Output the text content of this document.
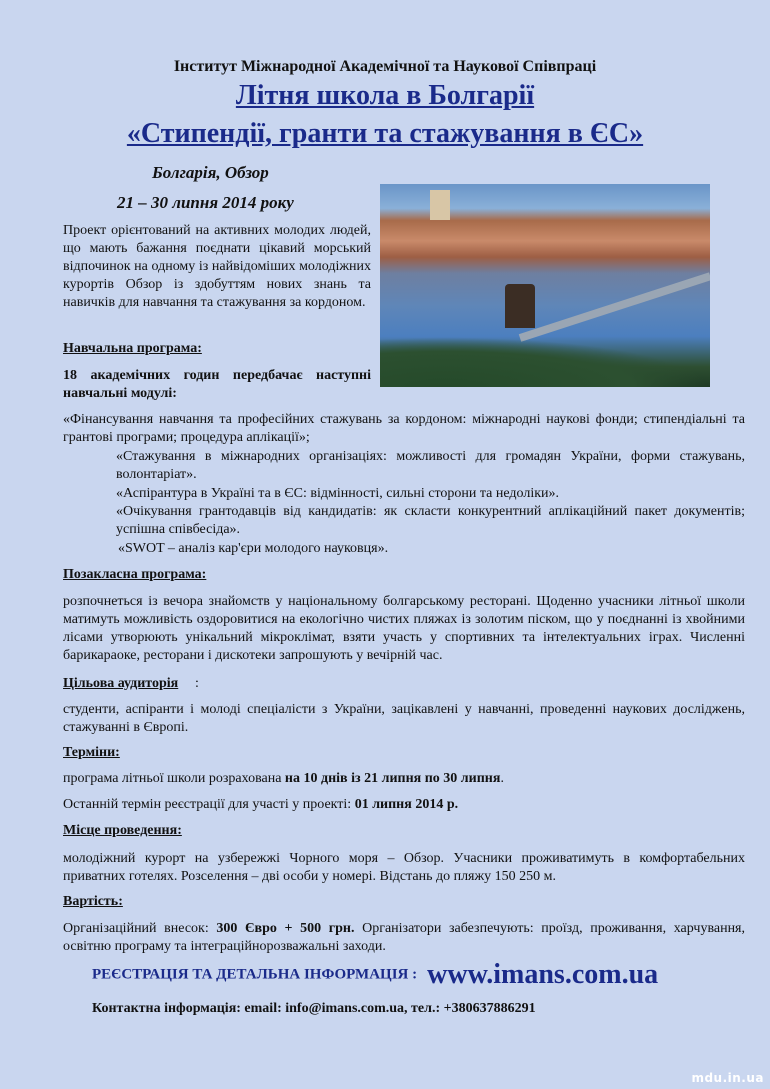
Інститут Міжнародної Академічної та Наукової Співпраці
Літня школа в Болгарії
«Стипендії, гранти та стажування в ЄС»
Болгарія, Обзор
21 – 30 липня 2014 року
Проект орієнтований на активних молодих людей, що мають бажання поєднати цікавий морський відпочинок на одному із найвідоміших молодіжних курортів Обзор із здобуттям нових знань та навичків для навчання та стажування за кордоном.
Навчальна програма:
18 академічних годин передбачає наступні навчальні модулі:
«Фінансування навчання та професійних стажувань за кордоном: міжнародні наукові фонди; стипендіальні та грантові програми; процедура аплікації»;
«Стажування в міжнародних організаціях: можливості для громадян України, форми стажувань, волонтаріат».
«Аспірантура в Україні та в ЄС: відмінності, сильні сторони та недоліки».
«Очікування грантодавців від кандидатів: як скласти конкурентний аплікаційний пакет документів; успішна співбесіда».
«SWOT – аналіз кар'єри молодого науковця».
Позакласна програма:
розпочнеться із вечора знайомств у національному болгарському ресторані. Щоденно учасники літньої школи матимуть можливість оздоровитися на екологічно чистих пляжах із золотим піском, що у поєднанні із хвойними лісами утворюють унікальний мікроклімат, взяти участь у спортивних та інтелектуальних іграх. Численні барикараоке, ресторани і дискотеки запрошують у вечірній час.
Цільова аудиторія :
студенти, аспіранти і молоді спеціалісти з України, зацікавлені у навчанні, проведенні наукових досліджень, стажуванні в Європі.
Терміни:
програма літньої школи розрахована на 10 днів із 21 липня по 30 липня.
Останній термін реєстрації для участі у проекті: 01 липня 2014 р.
Місце проведення:
молодіжний курорт на узбережжі Чорного моря – Обзор. Учасники проживатимуть в комфортабельних приватних готелях. Розселення – дві особи у номері. Відстань до пляжу 150 250 м.
Вартість:
Організаційний внесок: 300 Євро + 500 грн. Організатори забезпечують: проїзд, проживання, харчування, освітню програму та інтеграційнорозважальні заходи.
РЕЄСТРАЦІЯ ТА ДЕТАЛЬНА ІНФОРМАЦІЯ : www.imans.com.ua
Контактна інформація: email: info@imans.com.ua, тел.: +380637886291
mdu.in.ua
